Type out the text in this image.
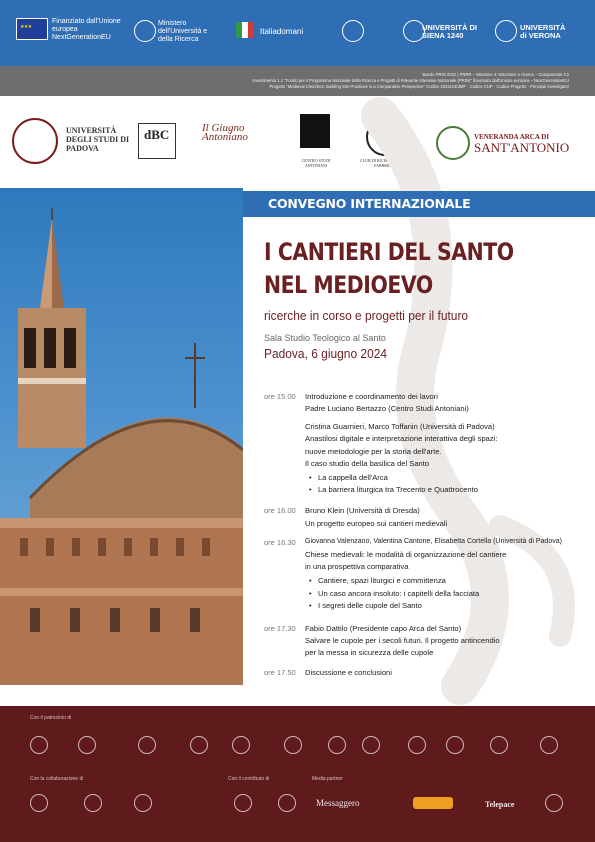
★ ★ ★
Finanziato dall'Unione europea NextGenerationEU
Ministero dell'Università e della Ricerca
Italiadomani	UNIVERSITÀ DI SIENA 1240
UNIVERSITÀ di VERONA
Bando PRIN 2022 | PNRR – Missione 4: Istruzione e ricerca – Componente C2
Investimento 1.1 "Fondo per il Programma Nazionale della Ricerca e Progetti di Rilevante Interesse Nazionale (PRIN)" finanziato dall'Unione europea – NextGenerationEU
Progetto "Medieval Churches: Building Site Practices in a Comparative Perspective" Codice 2022LKE3MF · Codice CUP · Codice Progetto · Principal Investigator
UNIVERSITÀ DEGLI STUDI DI PADOVA
dBC	Il Giugno Antoniano
CENTRO STUDI ANTONIANI
CLUB DI RICERCA SULLA FABBRICA
VENERANDA ARCA DI
SANT'ANTONIO
CONVEGNO INTERNAZIONALE
I CANTIERI DEL SANTO
NEL MEDIOEVO
ricerche in corso e progetti per il futuro
Sala Studio Teologico al Santo
Padova, 6 giugno 2024
ore 15.00 Introduzione e coordinamento dei lavori
Padre Luciano Bertazzo (Centro Studi Antoniani)
Cristina Guarnieri, Marco Toffanin (Università di Padova)
Anastilosi digitale e interpretazione interattiva degli spazi:
nuove metodologie per la storia dell'arte.
Il caso studio della basilica del Santo
• La cappella dell'Arca
• La barriera liturgica tra Trecento e Quattrocento
ore 16.00 Bruno Klein (Università di Dresda)
Un progetto europeo sui cantieri medievali
ore 16.30 Giovanna Valenzano, Valentina Cantone, Elisabetta Cortella (Università di Padova)
Chiese medievali: le modalità di organizzazione del cantiere
in una prospettiva comparativa
• Cantiere, spazi liturgici e committenza
• Un caso ancora insoluto: i capitelli della facciata
• I segreti delle cupole del Santo
ore 17.30 Fabio Dattilo (Presidente capo Arca del Santo)
Salvare le cupole per i secoli futuri. Il progetto antincendio
per la messa in sicurezza delle cupole
ore 17.50 Discussione e conclusioni
Con il patrocinio di
Con la collaborazione di	Con il contributo di	Media partner
Messaggero	Telepace
